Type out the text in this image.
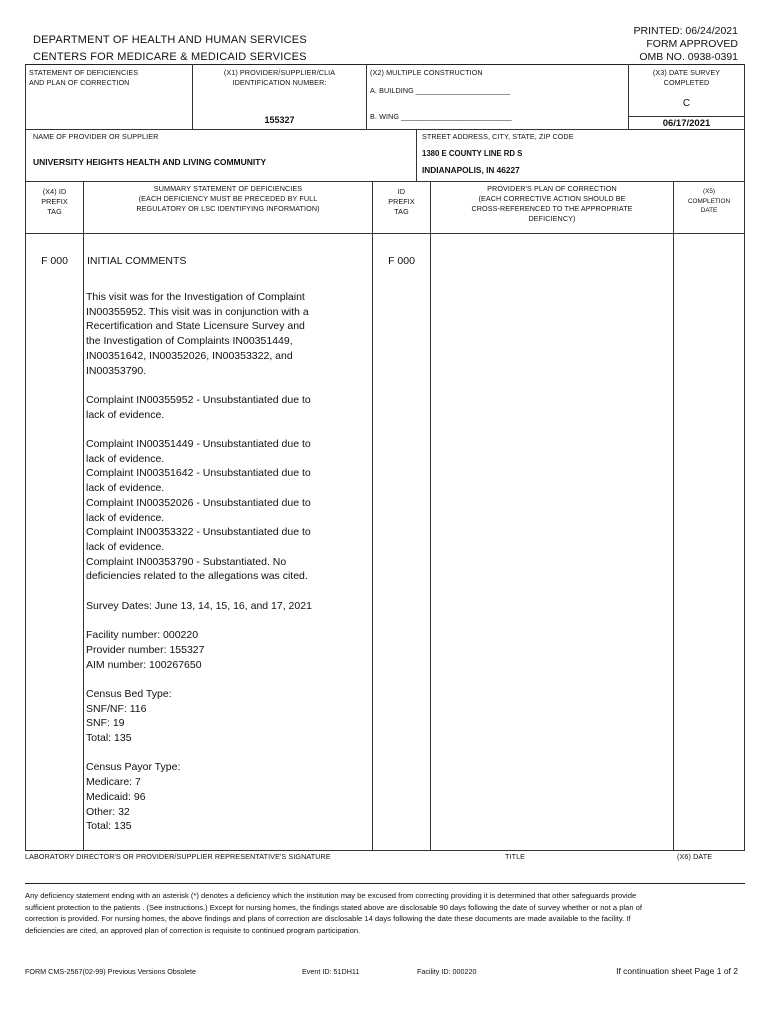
PRINTED: 06/24/2021
FORM APPROVED
OMB NO. 0938-0391
DEPARTMENT OF HEALTH AND HUMAN SERVICES
CENTERS FOR MEDICARE & MEDICAID SERVICES
STATEMENT OF DEFICIENCIES
AND PLAN OF CORRECTION
(X1) PROVIDER/SUPPLIER/CLIA
IDENTIFICATION NUMBER:
155327
(X2) MULTIPLE CONSTRUCTION
A. BUILDING _______________________
B. WING ___________________________
(X3) DATE SURVEY
COMPLETED
C
06/17/2021
NAME OF PROVIDER OR SUPPLIER
UNIVERSITY HEIGHTS HEALTH AND LIVING COMMUNITY
STREET ADDRESS, CITY, STATE, ZIP CODE
1380 E COUNTY LINE RD S
INDIANAPOLIS, IN 46227
(X4) ID
PREFIX
TAG
SUMMARY STATEMENT OF DEFICIENCIES
(EACH DEFICIENCY MUST BE PRECEDED BY FULL
REGULATORY OR LSC IDENTIFYING INFORMATION)
ID
PREFIX
TAG
PROVIDER'S PLAN OF CORRECTION
(EACH CORRECTIVE ACTION SHOULD BE
CROSS-REFERENCED TO THE APPROPRIATE
DEFICIENCY)
(X5)
COMPLETION
DATE
F 000	INITIAL COMMENTS	F 000
This visit was for the Investigation of Complaint
IN00355952. This visit was in conjunction with a
Recertification and State Licensure Survey and
the Investigation of Complaints IN00351449,
IN00351642, IN00352026, IN00353322, and
IN00353790.
Complaint IN00355952 - Unsubstantiated due to
lack of evidence.
Complaint IN00351449 - Unsubstantiated due to
lack of evidence.
Complaint IN00351642 - Unsubstantiated due to
lack of evidence.
Complaint IN00352026 - Unsubstantiated due to
lack of evidence.
Complaint IN00353322 - Unsubstantiated due to
lack of evidence.
Complaint IN00353790 - Substantiated. No
deficiencies related to the allegations was cited.
Survey Dates: June 13, 14, 15, 16, and 17, 2021
Facility number: 000220
Provider number: 155327
AIM number: 100267650
Census Bed Type:
SNF/NF: 116
SNF: 19
Total: 135
Census Payor Type:
Medicare: 7
Medicaid: 96
Other: 32
Total: 135
LABORATORY DIRECTOR'S OR PROVIDER/SUPPLIER REPRESENTATIVE'S SIGNATURE	TITLE	(X6) DATE
Any deficiency statement ending with an asterisk (*) denotes a deficiency which the institution may be excused from correcting providing it is determined that other safeguards provide sufficient protection to the patients . (See instructions.) Except for nursing homes, the findings stated above are disclosable 90 days following the date of survey whether or not a plan of correction is provided. For nursing homes, the above findings and plans of correction are disclosable 14 days following the date these documents are made available to the facility. If deficiencies are cited, an approved plan of correction is requisite to continued program participation.
FORM CMS-2567(02-99) Previous Versions Obsolete	Event ID: 51DH11	Facility ID: 000220	If continuation sheet Page 1 of 2
